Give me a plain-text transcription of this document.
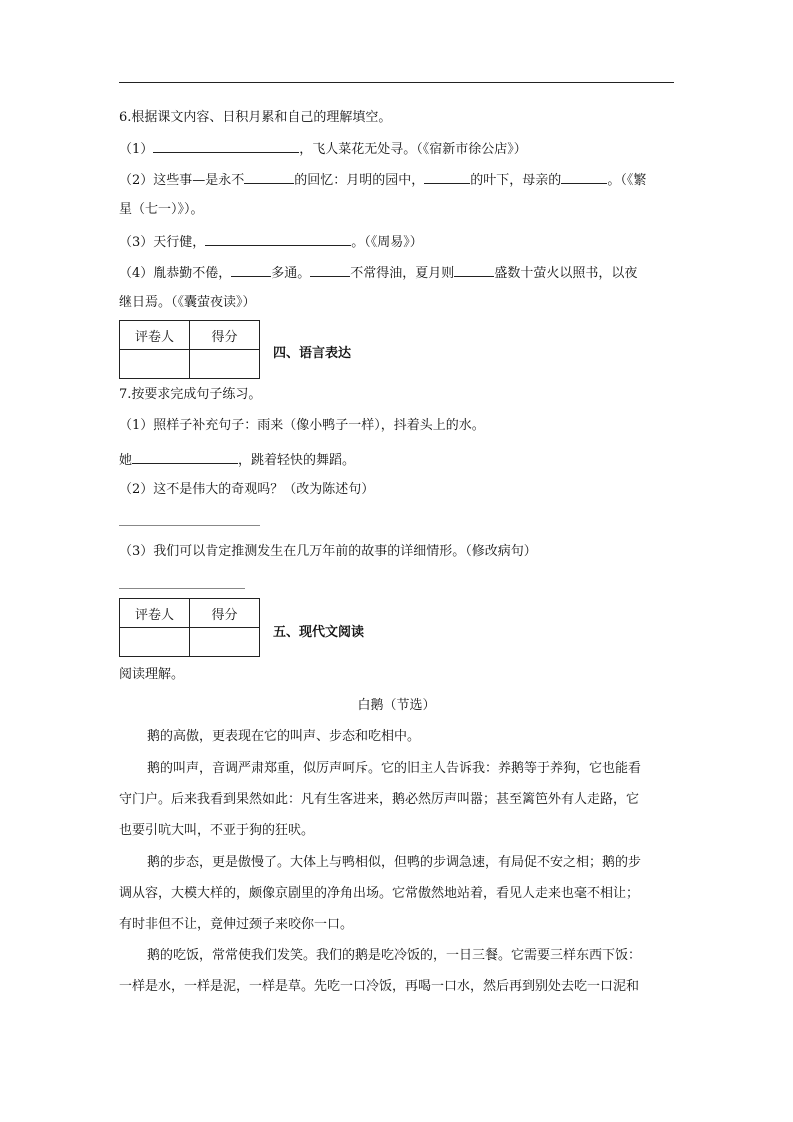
6.根据课文内容、日积月累和自己的理解填空。
（1）	，飞人菜花无处寻。（《宿新市徐公店》）
（2）这些事—是永不	的回忆：月明的园中，	的叶下，母亲的	。（《繁
星（七一）》）。
（3）天行健，	。（《周易》）
（4）胤恭勤不倦，	多通。	不常得油，夏月则	盛数十萤火以照书，以夜
继日焉。（《囊萤夜读》）
评卷人	得分

四、语言表达
7.按要求完成句子练习。
（1）照样子补充句子：雨来（像小鸭子一样），抖着头上的水。
她	，跳着轻快的舞蹈。
（2）这不是伟大的奇观吗？（改为陈述句）
（3）我们可以肯定推测发生在几万年前的故事的详细情形。（修改病句）
评卷人	得分

五、现代文阅读
阅读理解。
白鹅（节选）
鹅的高傲，更表现在它的叫声、步态和吃相中。
鹅的叫声，音调严肃郑重，似厉声呵斥。它的旧主人告诉我：养鹅等于养狗，它也能看
守门户。后来我看到果然如此：凡有生客进来，鹅必然厉声叫嚣；甚至篱笆外有人走路，它
也要引吭大叫，不亚于狗的狂吠。
鹅的步态，更是傲慢了。大体上与鸭相似，但鸭的步调急速，有局促不安之相；鹅的步
调从容，大模大样的，颇像京剧里的净角出场。它常傲然地站着，看见人走来也毫不相让；
有时非但不让，竟伸过颈子来咬你一口。
鹅的吃饭，常常使我们发笑。我们的鹅是吃冷饭的，一日三餐。它需要三样东西下饭：
一样是水，一样是泥，一样是草。先吃一口冷饭，再喝一口水，然后再到别处去吃一口泥和
